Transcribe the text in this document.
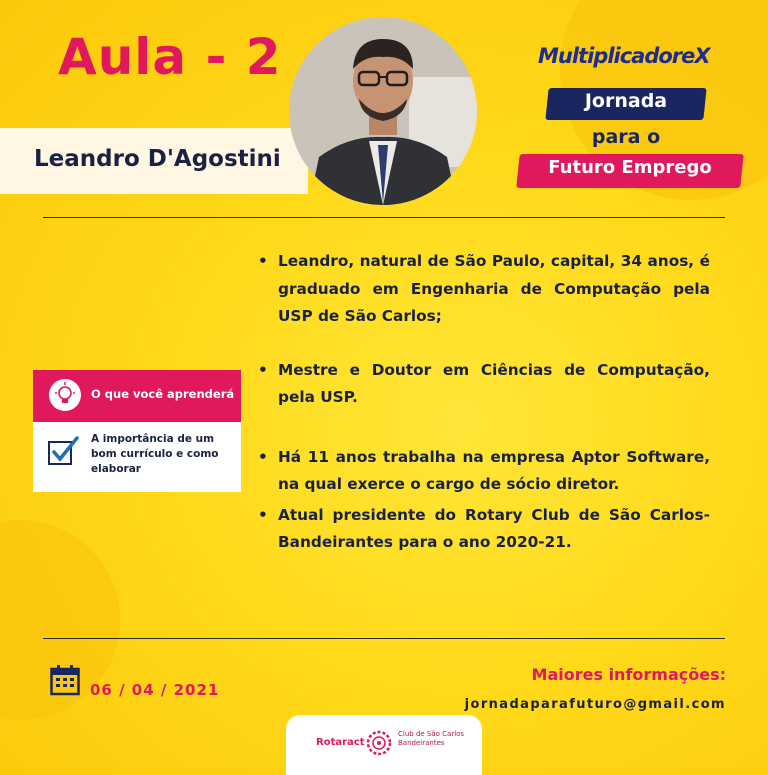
Aula - 2
Leandro D'Agostini
MultiplicadoreX
Jornada
para o
Futuro Emprego
O que você aprenderá
A importância de um bom currículo e como elaborar
• Leandro, natural de São Paulo, capital, 34 anos, é graduado em Engenharia de Computação pela USP de São Carlos;
• Mestre e Doutor em Ciências de Computação, pela USP.
• Há 11 anos trabalha na empresa Aptor Software, na qual exerce o cargo de sócio diretor.
• Atual presidente do Rotary Club de São Carlos-Bandeirantes para o ano 2020-21.
06 / 04 / 2021
Maiores informações:
jornadaparafuturo@gmail.com
Rotaract
Club de São Carlos
Bandeirantes
